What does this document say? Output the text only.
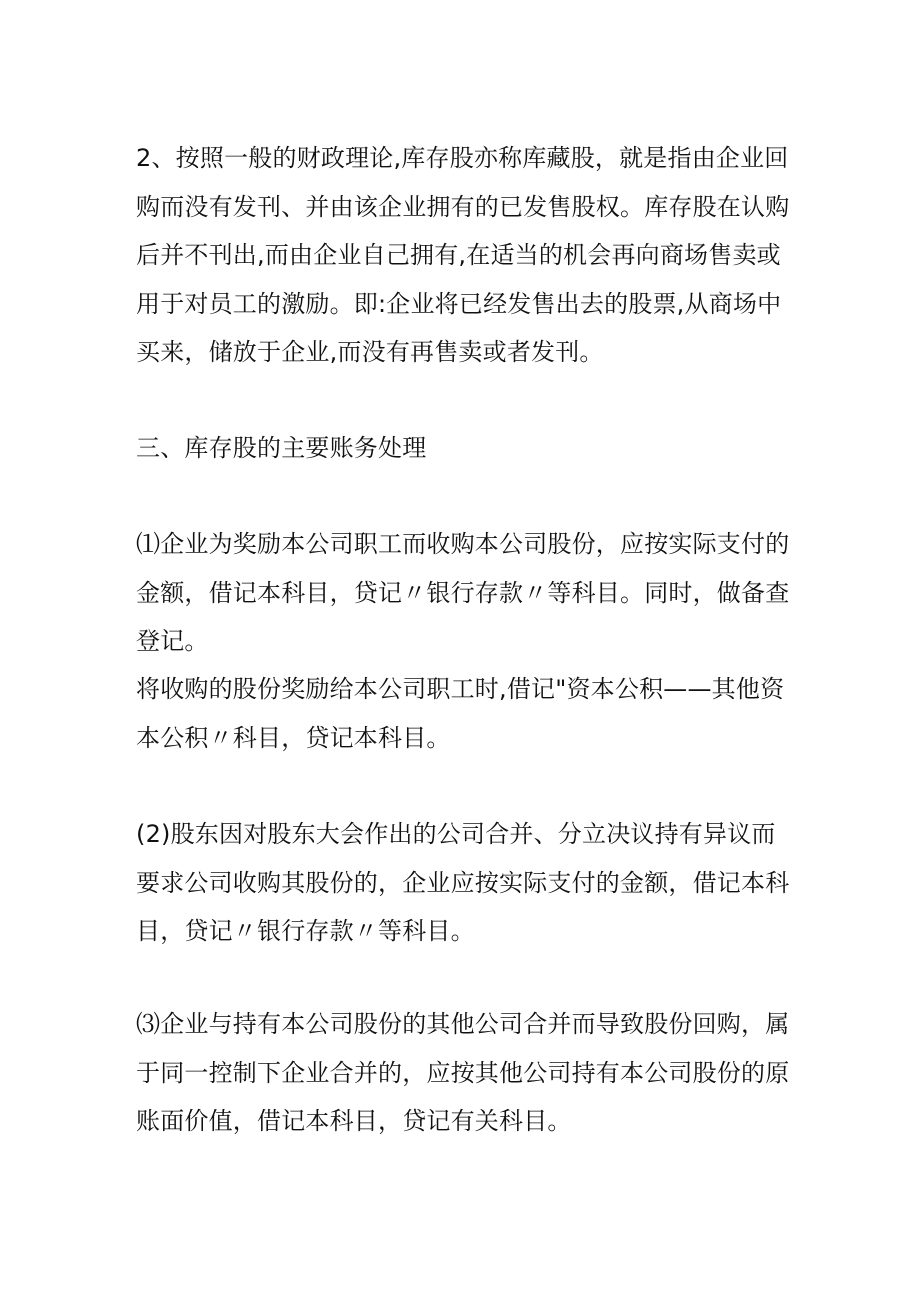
2、按照一般的财政理论,库存股亦称库藏股，就是指由企业回购而没有发刊、并由该企业拥有的已发售股权。库存股在认购后并不刊出,而由企业自己拥有,在适当的机会再向商场售卖或用于对员工的激励。即:企业将已经发售出去的股票,从商场中买来，储放于企业,而没有再售卖或者发刊。

三、库存股的主要账务处理

⑴企业为奖励本公司职工而收购本公司股份，应按实际支付的金额，借记本科目，贷记〃银行存款〃等科目。同时，做备查登记。

将收购的股份奖励给本公司职工时,借记"资本公积——其他资本公积〃科目，贷记本科目。

(2)股东因对股东大会作出的公司合并、分立决议持有异议而要求公司收购其股份的，企业应按实际支付的金额，借记本科目，贷记〃银行存款〃等科目。

⑶企业与持有本公司股份的其他公司合并而导致股份回购，属于同一控制下企业合并的，应按其他公司持有本公司股份的原账面价值，借记本科目，贷记有关科目。
